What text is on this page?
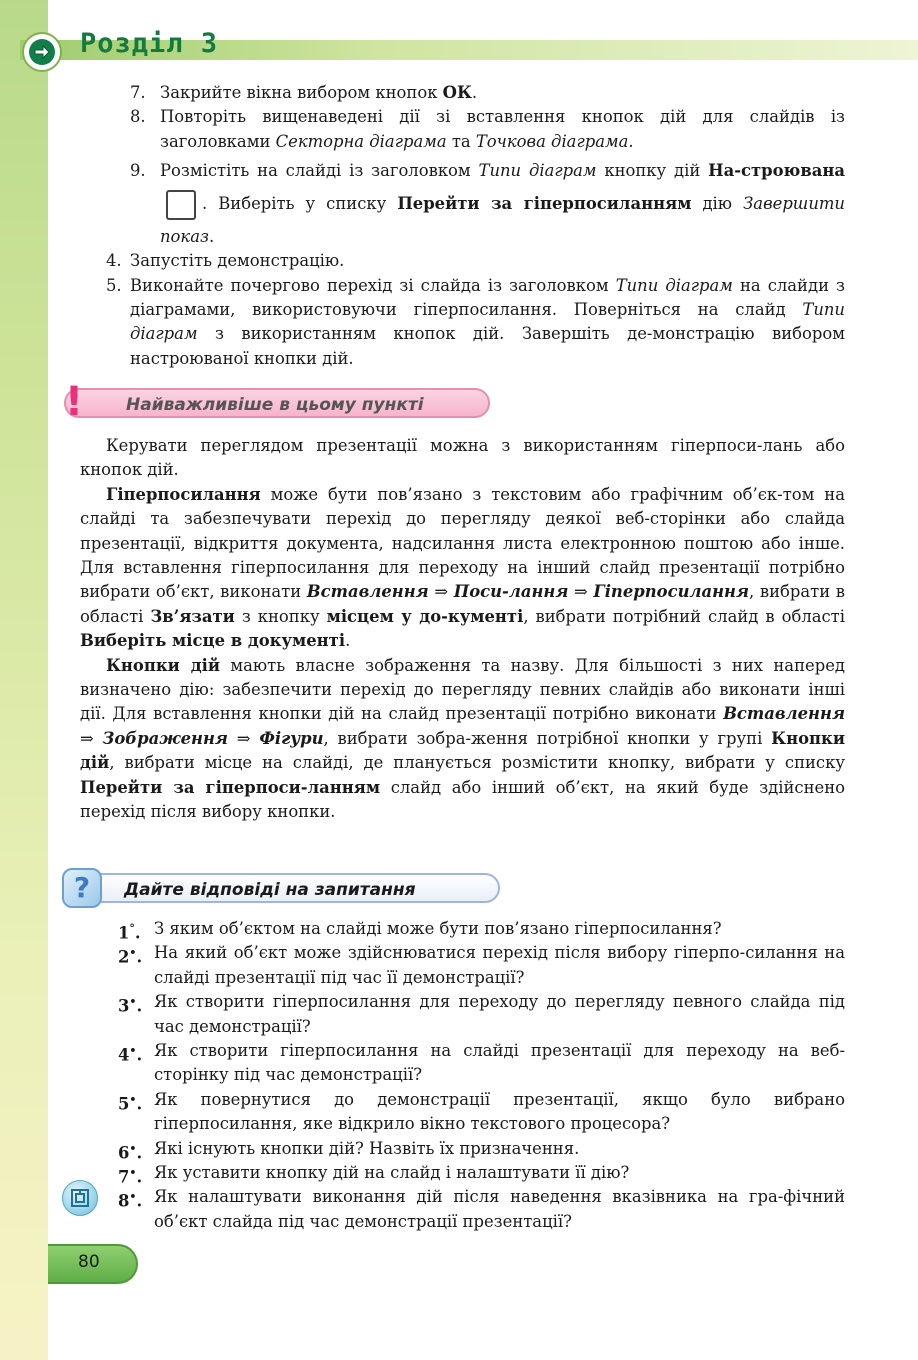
Розділ 3

7. Закрийте вікна вибором кнопок ОК.

8. Повторіть вищенаведені дії зі вставлення кнопок дій для слайдів із заголовками Секторна діаграма та Точкова діаграма.

9. Розмістіть на слайді із заголовком Типи діаграм кнопку дій На-строювана. Виберіть у списку Перейти за гіперпосиланням дію Завершити показ.

4. Запустіть демонстрацію.

5. Виконайте почергово перехід зі слайда із заголовком Типи діаграм на слайди з діаграмами, використовуючи гіперпосилання. Поверніться на слайд Типи діаграм з використанням кнопок дій. Завершіть де-монстрацію вибором настроюваної кнопки дій.

Найважливіше в цьому пункті
!

Керувати переглядом презентації можна з використанням гіперпоси-лань або кнопок дій.

Гіперпосилання може бути пов’язано з текстовим або графічним об’єк-том на слайді та забезпечувати перехід до перегляду деякої веб-сторінки або слайда презентації, відкриття документа, надсилання листа електронною поштою або інше. Для вставлення гіперпосилання для переходу на інший слайд презентації потрібно вибрати об’єкт, виконати Вставлення ⇒ Поси-лання ⇒ Гіперпосилання, вибрати в області Зв’язати з кнопку місцем у до-кументі, вибрати потрібний слайд в області Виберіть місце в документі.

Кнопки дій мають власне зображення та назву. Для більшості з них наперед визначено дію: забезпечити перехід до перегляду певних слайдів або виконати інші дії. Для вставлення кнопки дій на слайд презентації потрібно виконати Вставлення ⇒ Зображення ⇒ Фігури, вибрати зобра-ження потрібної кнопки у групі Кнопки дій, вибрати місце на слайді, де планується розмістити кнопку, вибрати у списку Перейти за гіперпоси-ланням слайд або інший об’єкт, на який буде здійснено перехід після вибору кнопки.

Дайте відповіді на запитання
?

1°. З яким об’єктом на слайді може бути пов’язано гіперпосилання?

2•. На який об’єкт може здійснюватися перехід після вибору гіперпо-силання на слайді презентації під час її демонстрації?

3•. Як створити гіперпосилання для переходу до перегляду певного слайда під час демонстрації?

4•. Як створити гіперпосилання на слайді презентації для переходу на веб-сторінку під час демонстрації?

5•. Як повернутися до демонстрації презентації, якщо було вибрано гіперпосилання, яке відкрило вікно текстового процесора?

6•. Які існують кнопки дій? Назвіть їх призначення.

7•. Як уставити кнопку дій на слайд і налаштувати її дію?

8•. Як налаштувати виконання дій після наведення вказівника на гра-фічний об’єкт слайда під час демонстрації презентації?

80
